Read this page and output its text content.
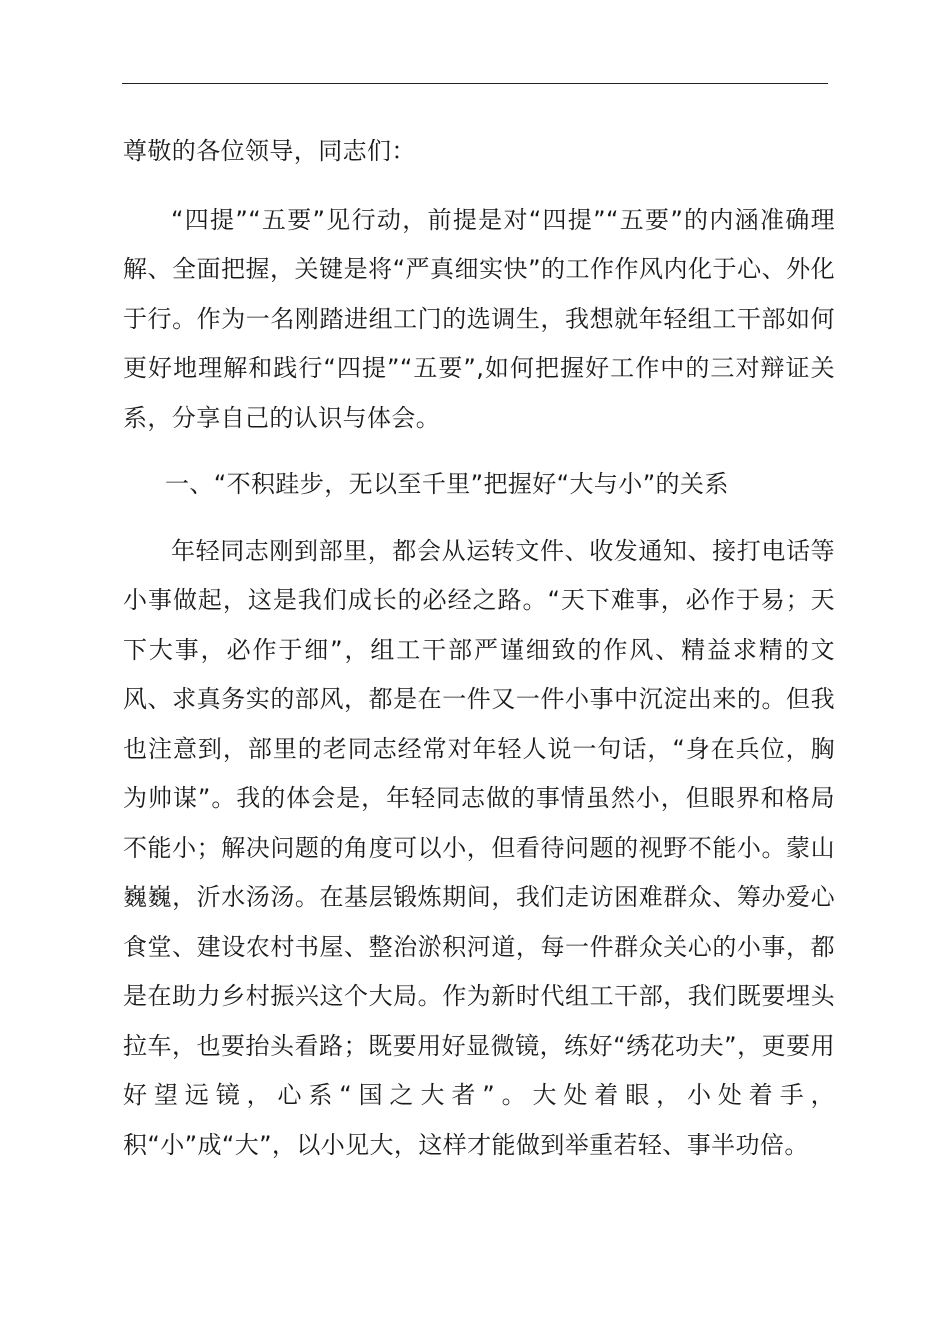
尊敬的各位领导，同志们：

“四提”“五要”见行动，前提是对“四提”“五要”的内涵准确理解、全面把握，关键是将“严真细实快”的工作作风内化于心、外化于行。作为一名刚踏进组工门的选调生，我想就年轻组工干部如何更好地理解和践行“四提”“五要”,如何把握好工作中的三对辩证关系，分享自己的认识与体会。

一、“不积跬步，无以至千里”把握好“大与小”的关系

年轻同志刚到部里，都会从运转文件、收发通知、接打电话等小事做起，这是我们成长的必经之路。“天下难事，必作于易；天下大事，必作于细”，组工干部严谨细致的作风、精益求精的文风、求真务实的部风，都是在一件又一件小事中沉淀出来的。但我也注意到，部里的老同志经常对年轻人说一句话，“身在兵位，胸为帅谋”。我的体会是，年轻同志做的事情虽然小，但眼界和格局不能小；解决问题的角度可以小，但看待问题的视野不能小。蒙山巍巍，沂水汤汤。在基层锻炼期间，我们走访困难群众、筹办爱心食堂、建设农村书屋、整治淤积河道，每一件群众关心的小事，都是在助力乡村振兴这个大局。作为新时代组工干部，我们既要埋头拉车，也要抬头看路；既要用好显微镜，练好“绣花功夫”，更要用好望远镜，心系“国之大者”。大处着眼，小处着手，积“小”成“大”，以小见大，这样才能做到举重若轻、事半功倍。
